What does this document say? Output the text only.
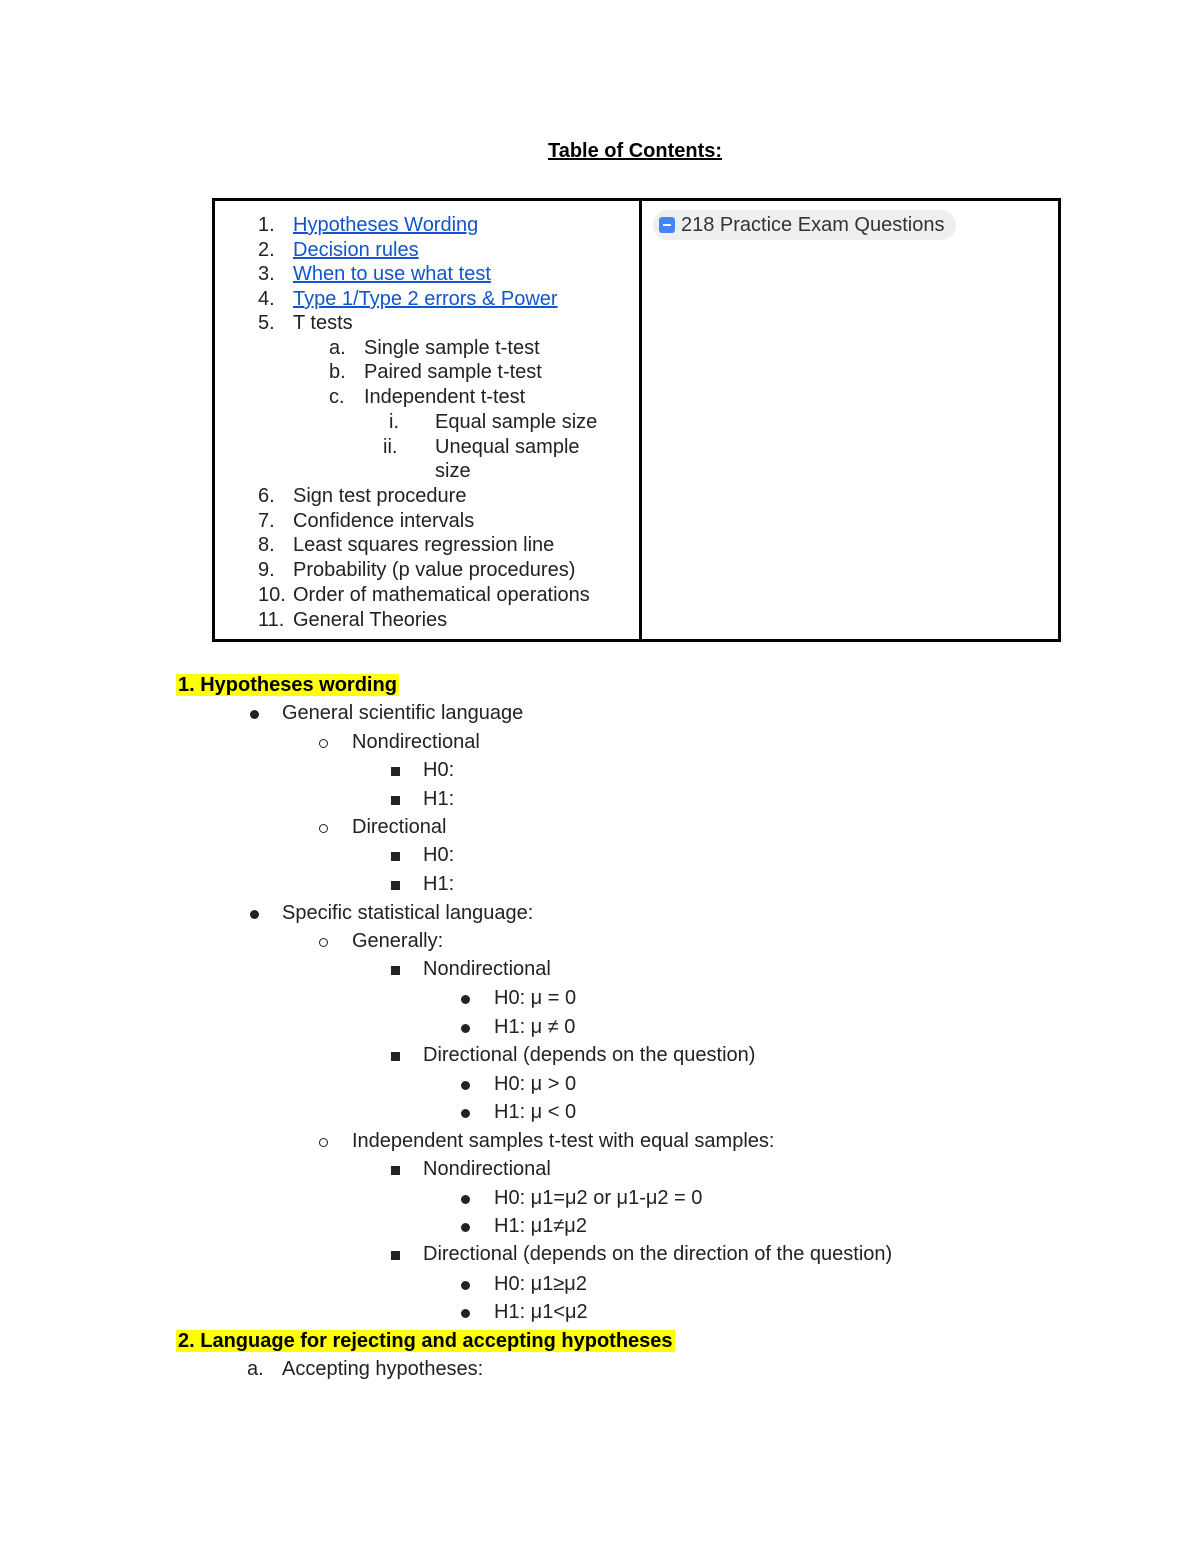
Table of Contents:
1. Hypotheses Wording
2. Decision rules
3. When to use what test
4. Type 1/Type 2 errors & Power
5. T tests
a. Single sample t-test
b. Paired sample t-test
c. Independent t-test
i. Equal sample size
ii. Unequal sample
size
6. Sign test procedure
7. Confidence intervals
8. Least squares regression line
9. Probability (p value procedures)
10. Order of mathematical operations
11. General Theories
218 Practice Exam Questions
1. Hypotheses wording
General scientific language
Nondirectional
H0:
H1:
Directional
H0:
H1:
Specific statistical language:
Generally:
Nondirectional
H0: μ = 0
H1: μ ≠ 0
Directional (depends on the question)
H0: μ > 0
H1: μ < 0
Independent samples t-test with equal samples:
Nondirectional
H0: μ1=μ2 or μ1-μ2 = 0
H1: μ1≠μ2
Directional (depends on the direction of the question)
H0: μ1≥μ2
H1: μ1<μ2
2. Language for rejecting and accepting hypotheses
a. Accepting hypotheses:
